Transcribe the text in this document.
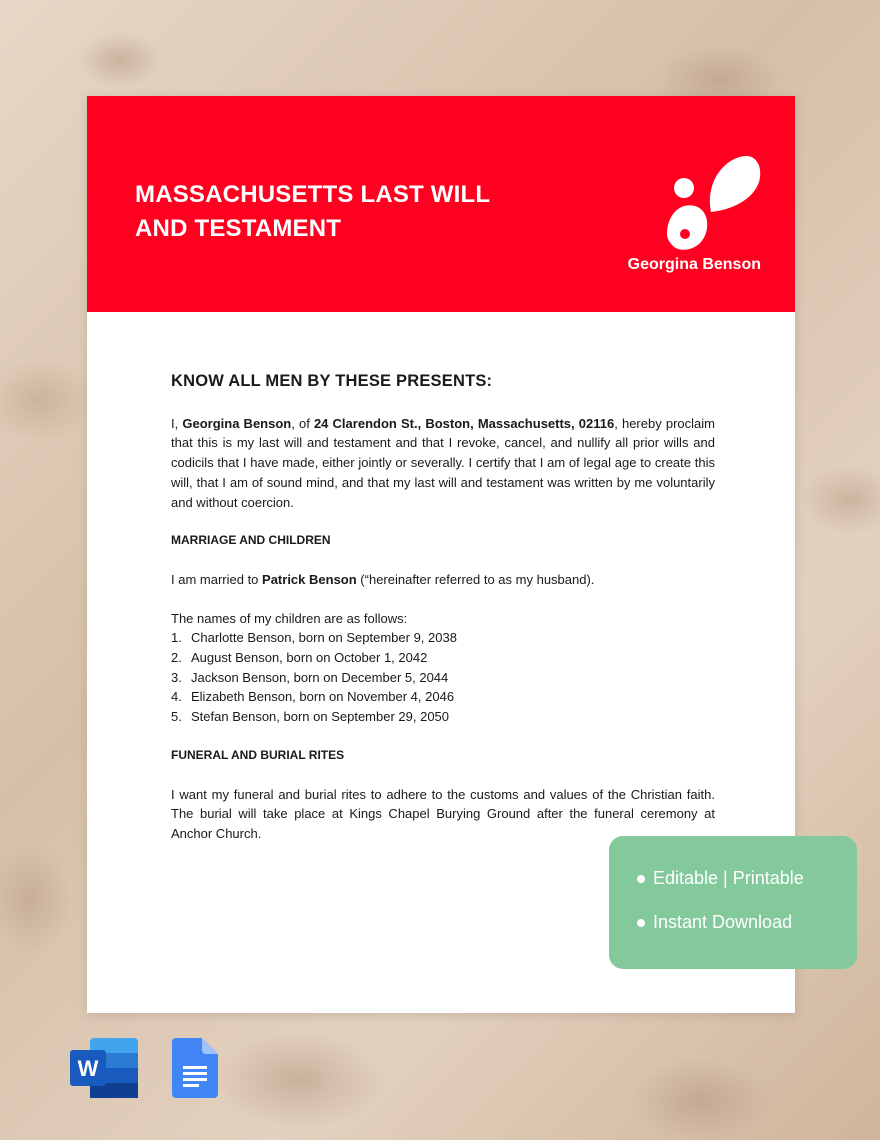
MASSACHUSETTS LAST WILL
AND TESTAMENT
Georgina Benson
KNOW ALL MEN BY THESE PRESENTS:

I, Georgina Benson, of 24 Clarendon St., Boston, Massachusetts, 02116, hereby proclaim that this is my last will and testament and that I revoke, cancel, and nullify all prior wills and codicils that I have made, either jointly or severally. I certify that I am of legal age to create this will, that I am of sound mind, and that my last will and testament was written by me voluntarily and without coercion.

MARRIAGE AND CHILDREN

I am married to Patrick Benson (“hereinafter referred to as my husband).

The names of my children are as follows:

1. Charlotte Benson, born on September 9, 2038
2. August Benson, born on October 1, 2042
3. Jackson Benson, born on December 5, 2044
4. Elizabeth Benson, born on November 4, 2046
5. Stefan Benson, born on September 29, 2050
FUNERAL AND BURIAL RITES

I want my funeral and burial rites to adhere to the customs and values of the Christian faith. The burial will take place at Kings Chapel Burying Ground after the funeral ceremony at Anchor Church.

Editable | Printable
Instant Download
W
